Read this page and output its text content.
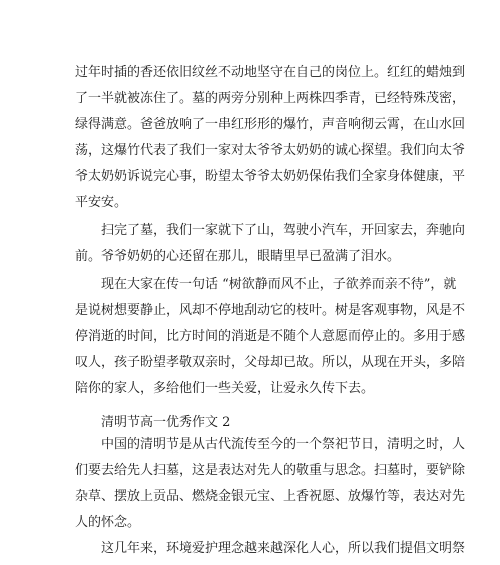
过年时插的香还依旧纹丝不动地坚守在自己的岗位上。红红的蜡烛到
了一半就被冻住了。墓的两旁分别种上两株四季青，已经特殊茂密，
绿得满意。爸爸放响了一串红形形的爆竹，声音响彻云霄，在山水回
荡，这爆竹代表了我们一家对太爷爷太奶奶的诚心探望。我们向太爷
爷太奶奶诉说完心事，盼望太爷爷太奶奶保佑我们全家身体健康，平
平安安。

扫完了墓，我们一家就下了山，驾驶小汽车，开回家去，奔驰向
前。爷爷奶奶的心还留在那儿，眼睛里早已盈满了泪水。

现在大家在传一句话 “树欲静而风不止，子欲养而亲不待”，就
是说树想要静止，风却不停地刮动它的枝叶。树是客观事物，风是不
停消逝的时间，比方时间的消逝是不随个人意愿而停止的。多用于感
叹人，孩子盼望孝敬双亲时，父母却已故。所以，从现在开头，多陪
陪你的家人，多给他们一些关爱，让爱永久传下去。

清明节高一优秀作文 2

中国的清明节是从古代流传至今的一个祭祀节日，清明之时，人
们要去给先人扫墓，这是表达对先人的敬重与思念。扫墓时，要铲除
杂草、摆放上贡品、燃烧金银元宝、上香祝愿、放爆竹等，表达对先
人的怀念。

这几年来，环境爱护理念越来越深化人心，所以我们提倡文明祭
